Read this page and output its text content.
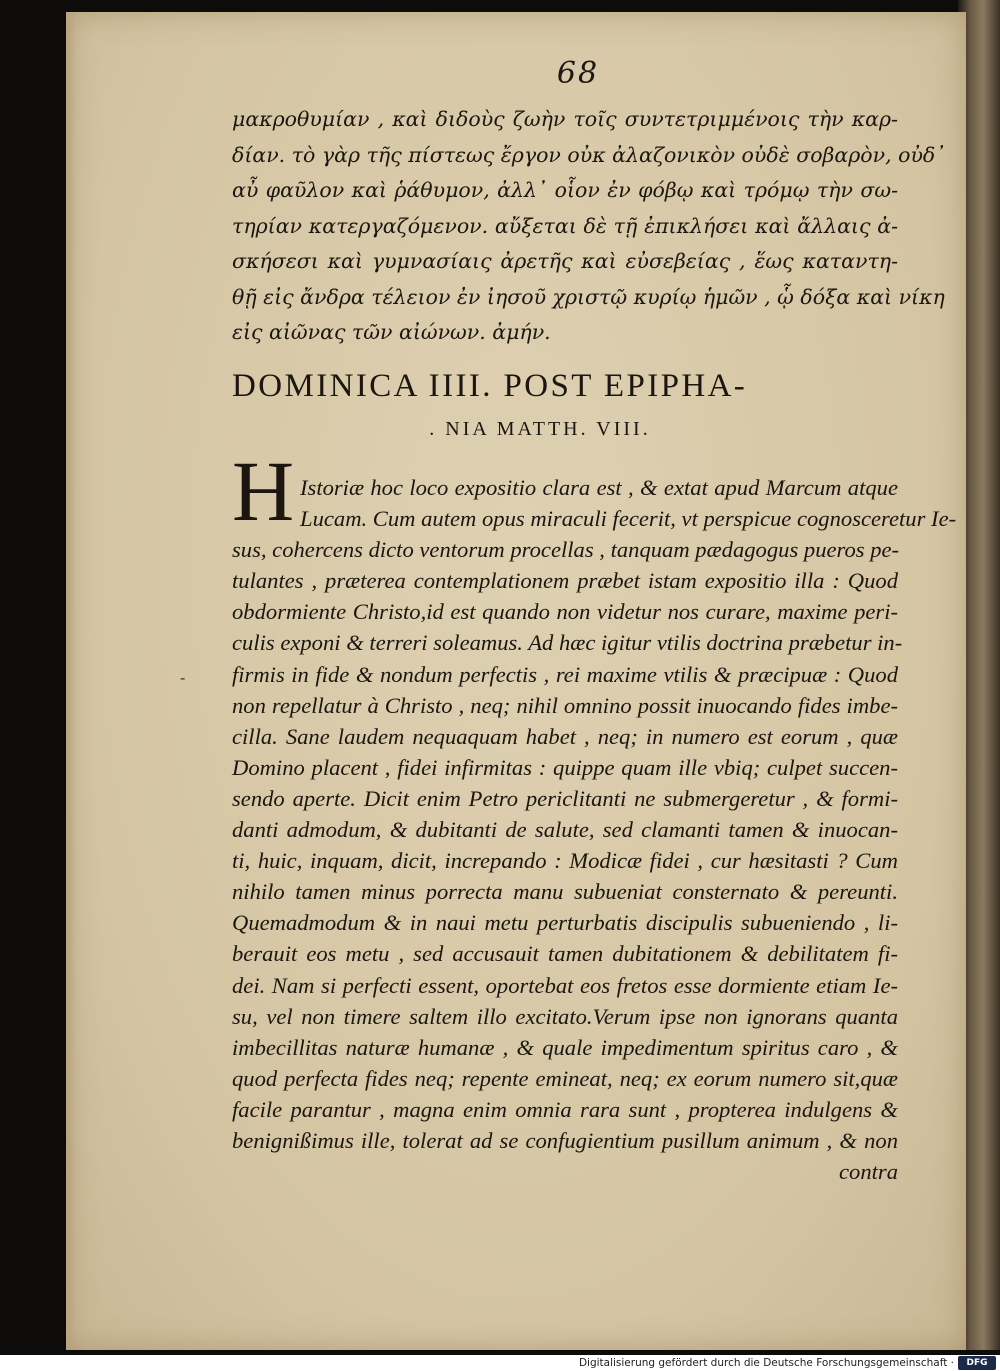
68
μακροθυμίαν , καὶ διδοὺς ζωὴν τοῖς συντετριμμένοις τὴν καρ-
δίαν. τὸ γὰρ τῆς πίστεως ἔργον οὐκ ἀλαζονικὸν οὐδὲ σοβαρὸν, οὐδ᾽
αὖ φαῦλον καὶ ῥάθυμον, ἀλλ᾽ οἷον ἐν φόβῳ καὶ τρόμῳ τὴν σω-
τηρίαν κατεργαζόμενον. αὔξεται δὲ τῇ ἐπικλήσει καὶ ἄλλαις ἀ-
σκήσεσι καὶ γυμνασίαις ἀρετῆς καὶ εὐσεβείας , ἕως καταντη-
θῇ εἰς ἄνδρα τέλειον ἐν ἰησοῦ χριστῷ κυρίῳ ἡμῶν , ᾧ δόξα καὶ νίκη
εἰς αἰῶνας τῶν αἰώνων. ἀμήν.
DOMINICA IIII. POST EPIPHA-
. NIA MATTH. VIII.
H
-
Istoriæ hoc loco expositio clara est , & extat apud Marcum atque
Lucam. Cum autem opus miraculi fecerit, vt perspicue cognosceretur Ie-
sus, cohercens dicto ventorum procellas , tanquam pædagogus pueros pe-
tulantes , præterea contemplationem præbet istam expositio illa : Quod
obdormiente Christo,id est quando non videtur nos curare, maxime peri-
culis exponi & terreri soleamus. Ad hæc igitur vtilis doctrina præbetur in-
firmis in fide & nondum perfectis , rei maxime vtilis & præcipuæ : Quod
non repellatur à Christo , neq; nihil omnino possit inuocando fides imbe-
cilla. Sane laudem nequaquam habet , neq; in numero est eorum , quæ
Domino placent , fidei infirmitas : quippe quam ille vbiq; culpet succen-
sendo aperte. Dicit enim Petro periclitanti ne submergeretur , & formi-
danti admodum, & dubitanti de salute, sed clamanti tamen & inuocan-
ti, huic, inquam, dicit, increpando : Modicæ fidei , cur hæsitasti ? Cum
nihilo tamen minus porrecta manu subueniat consternato & pereunti.
Quemadmodum & in naui metu perturbatis discipulis subueniendo , li-
berauit eos metu , sed accusauit tamen dubitationem & debilitatem fi-
dei. Nam si perfecti essent, oportebat eos fretos esse dormiente etiam Ie-
su, vel non timere saltem illo excitato.Verum ipse non ignorans quanta
imbecillitas naturæ humanæ , & quale impedimentum spiritus caro , &
quod perfecta fides neq; repente emineat, neq; ex eorum numero sit,quæ
facile parantur , magna enim omnia rara sunt , propterea indulgens &
benignißimus ille, tolerat ad se confugientium pusillum animum , & non
contra
Digitalisierung gefördert durch die Deutsche Forschungsgemeinschaft ·	DFG
